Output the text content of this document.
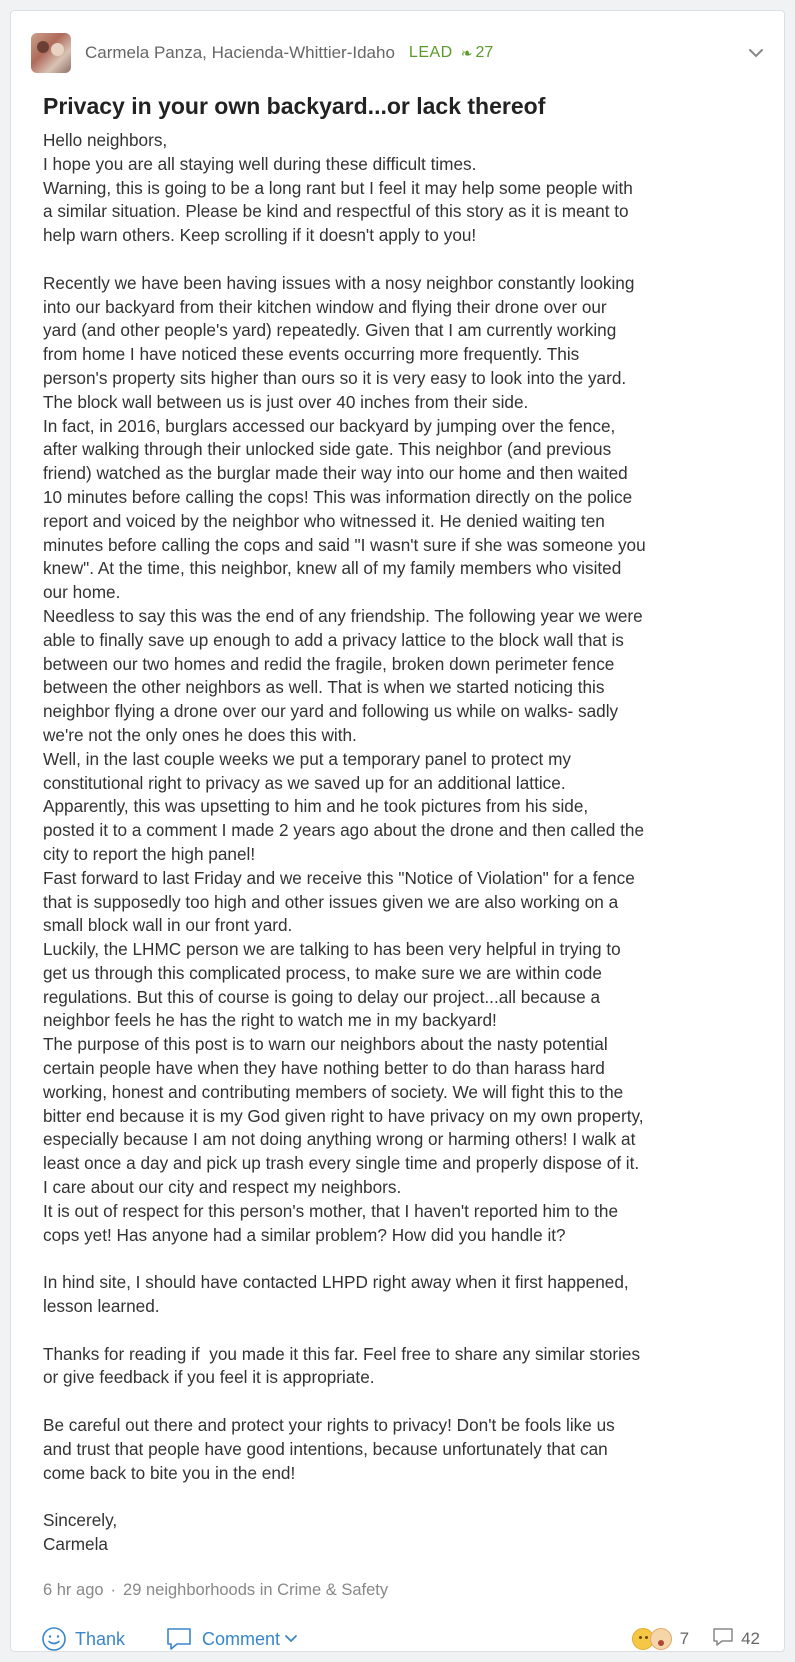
Carmela Panza, Hacienda-Whittier-Idaho LEAD ❧ 27
Privacy in your own backyard...or lack thereof
Hello neighbors,
I hope you are all staying well during these difficult times.
Warning, this is going to be a long rant but I feel it may help some people with
a similar situation. Please be kind and respectful of this story as it is meant to
help warn others. Keep scrolling if it doesn't apply to you!

Recently we have been having issues with a nosy neighbor constantly looking
into our backyard from their kitchen window and flying their drone over our
yard (and other people's yard) repeatedly. Given that I am currently working
from home I have noticed these events occurring more frequently. This
person's property sits higher than ours so it is very easy to look into the yard.
The block wall between us is just over 40 inches from their side.
In fact, in 2016, burglars accessed our backyard by jumping over the fence,
after walking through their unlocked side gate. This neighbor (and previous
friend) watched as the burglar made their way into our home and then waited
10 minutes before calling the cops! This was information directly on the police
report and voiced by the neighbor who witnessed it. He denied waiting ten
minutes before calling the cops and said "I wasn't sure if she was someone you
knew". At the time, this neighbor, knew all of my family members who visited
our home.
Needless to say this was the end of any friendship. The following year we were
able to finally save up enough to add a privacy lattice to the block wall that is
between our two homes and redid the fragile, broken down perimeter fence
between the other neighbors as well. That is when we started noticing this
neighbor flying a drone over our yard and following us while on walks- sadly
we're not the only ones he does this with.
Well, in the last couple weeks we put a temporary panel to protect my
constitutional right to privacy as we saved up for an additional lattice.
Apparently, this was upsetting to him and he took pictures from his side,
posted it to a comment I made 2 years ago about the drone and then called the
city to report the high panel!
Fast forward to last Friday and we receive this "Notice of Violation" for a fence
that is supposedly too high and other issues given we are also working on a
small block wall in our front yard.
Luckily, the LHMC person we are talking to has been very helpful in trying to
get us through this complicated process, to make sure we are within code
regulations. But this of course is going to delay our project...all because a
neighbor feels he has the right to watch me in my backyard!
The purpose of this post is to warn our neighbors about the nasty potential
certain people have when they have nothing better to do than harass hard
working, honest and contributing members of society. We will fight this to the
bitter end because it is my God given right to have privacy on my own property,
especially because I am not doing anything wrong or harming others! I walk at
least once a day and pick up trash every single time and properly dispose of it.
I care about our city and respect my neighbors.
It is out of respect for this person's mother, that I haven't reported him to the
cops yet! Has anyone had a similar problem? How did you handle it?

In hind site, I should have contacted LHPD right away when it first happened,
lesson learned.

Thanks for reading if  you made it this far. Feel free to share any similar stories
or give feedback if you feel it is appropriate.

Be careful out there and protect your rights to privacy! Don't be fools like us
and trust that people have good intentions, because unfortunately that can
come back to bite you in the end!

Sincerely,
Carmela
6 hr ago · 29 neighborhoods in Crime & Safety
Thank	Comment	7	42
